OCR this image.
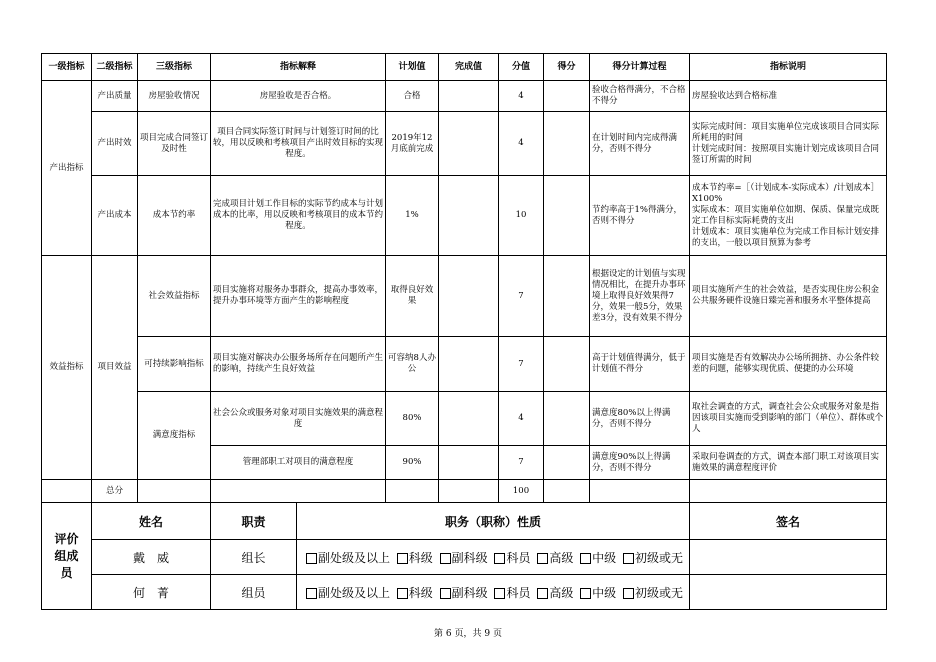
一级指标	二级指标	三级指标	指标解释	计划值	完成值	分值	得分	得分计算过程	指标说明
产出指标	产出质量	房屋验收情况	房屋验收是否合格。	合格		4		验收合格得满分，不合格不得分	房屋验收达到合格标准
	产出时效	项目完成合同签订及时性	项目合同实际签订时间与计划签订时间的比较，用以反映和考核项目产出时效目标的实现程度。	2019年12月底前完成		4		在计划时间内完成得满分，否则不得分	实际完成时间：项目实施单位完成该项目合同实际所耗用的时间
计划完成时间：按照项目实施计划完成该项目合同签订所需的时间
	产出成本	成本节约率	完成项目计划工作目标的实际节约成本与计划成本的比率，用以反映和考核项目的成本节约程度。	1%		10		节约率高于1%得满分，否则不得分	成本节约率=［（计划成本-实际成本）/计划成本］X100%
实际成本：项目实施单位如期、保质、保量完成既定工作目标实际耗费的支出
计划成本：项目实施单位为完成工作目标计划安排的支出，一般以项目预算为参考
效益指标	项目效益	社会效益指标	项目实施将对服务办事群众，提高办事效率，提升办事环境等方面产生的影响程度	取得良好效果		7		根据设定的计划值与实现情况相比，在提升办事环境上取得良好效果得7分，效果一般5分，效果差3分，没有效果不得分	项目实施所产生的社会效益，是否实现住房公积金公共服务硬件设施日臻完善和服务水平整体提高
		可持续影响指标	项目实施对解决办公服务场所存在问题所产生的影响，持续产生良好效益	可容纳8人办公		7		高于计划值得满分，低于计划值不得分	项目实施是否有效解决办公场所拥挤、办公条件较差的问题，能够实现优质、便捷的办公环境
		满意度指标	社会公众或服务对象对项目实施效果的满意程度	80%		4		满意度80%以上得满分，否则不得分	取社会调查的方式，调查社会公众或服务对象是指因该项目实施而受到影响的部门（单位）、群体或个人
			管理部职工对项目的满意程度	90%		7		满意度90%以上得满分，否则不得分	采取问卷调查的方式，调查本部门职工对该项目实施效果的满意程度评价
	总分					100			
评价组成员	姓名	职责	职务（职称）性质	签名
	戴　威	组长	副处级及以上 科级 副科级 科员 高级 中级 初级或无	
	何　菁	组员	副处级及以上 科级 副科级 科员 高级 中级 初级或无	
第 6 页，共 9 页
